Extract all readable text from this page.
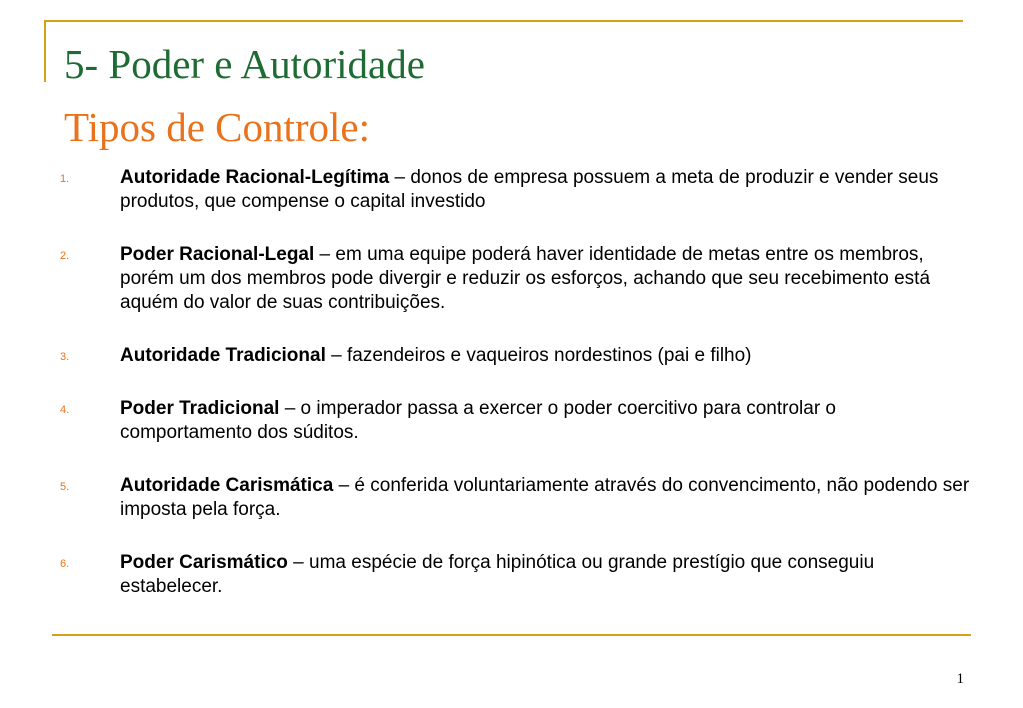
5- Poder e Autoridade
Tipos de Controle:
1.	Autoridade Racional-Legítima – donos de empresa possuem a meta de produzir e vender seus produtos, que compense o capital investido
2.	Poder Racional-Legal – em uma equipe poderá haver identidade de metas entre os membros, porém um dos membros pode divergir e reduzir os esforços, achando que seu recebimento está aquém do valor de suas contribuições.
3.	Autoridade Tradicional – fazendeiros e vaqueiros nordestinos (pai e filho)
4.	Poder Tradicional – o imperador passa a exercer o poder coercitivo para controlar o comportamento dos súditos.
5.	Autoridade Carismática – é conferida voluntariamente através do convencimento, não podendo ser imposta pela força.
6.	Poder Carismático – uma espécie de força hipinótica ou grande prestígio que conseguiu estabelecer.
1
